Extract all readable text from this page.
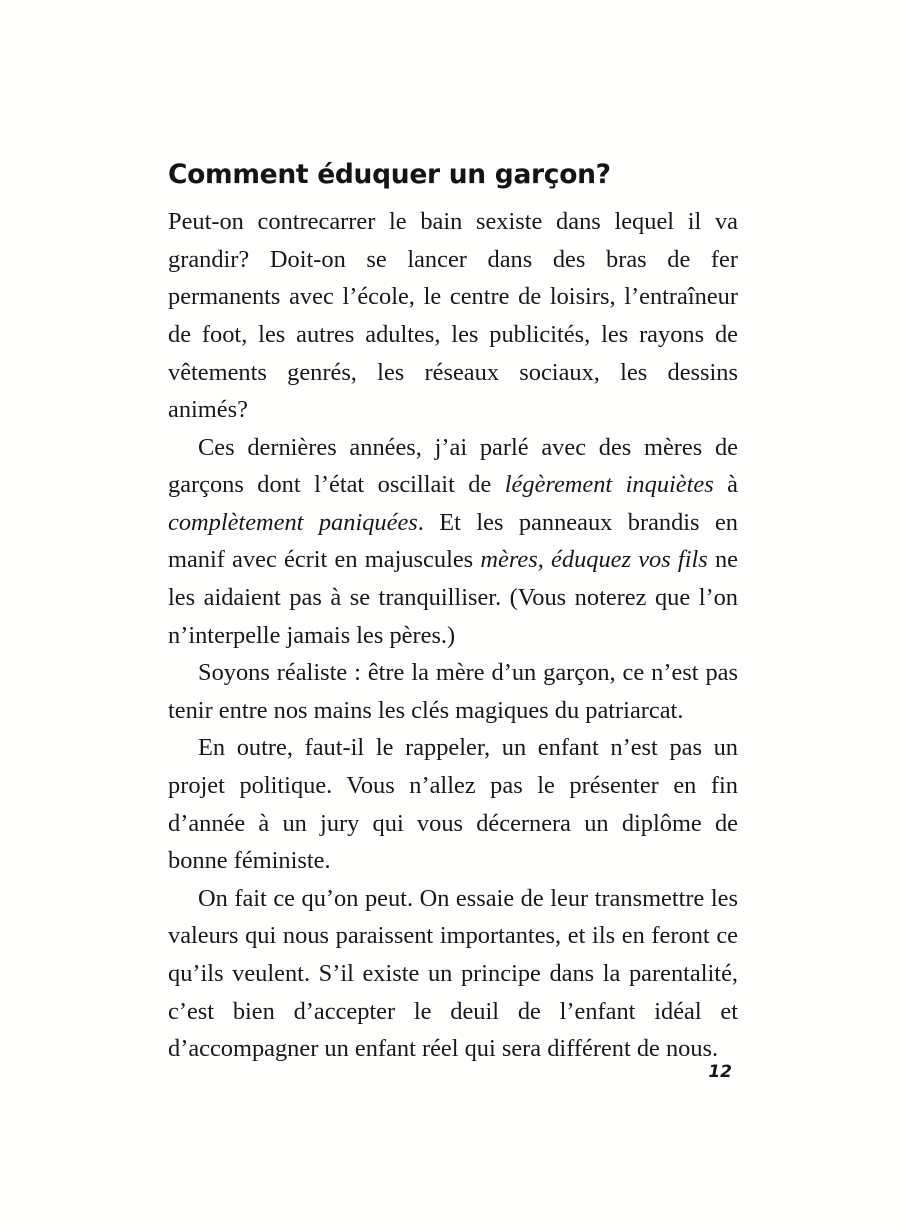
Comment éduquer un garçon?

Peut-on contrecarrer le bain sexiste dans lequel il va grandir? Doit-on se lancer dans des bras de fer permanents avec l’école, le centre de loisirs, l’entraîneur de foot, les autres adultes, les publicités, les rayons de vêtements genrés, les réseaux sociaux, les dessins animés?

Ces dernières années, j’ai parlé avec des mères de garçons dont l’état oscillait de légèrement inquiètes à complètement paniquées. Et les panneaux brandis en manif avec écrit en majuscules mères, éduquez vos fils ne les aidaient pas à se tranquilliser. (Vous noterez que l’on n’interpelle jamais les pères.)

Soyons réaliste : être la mère d’un garçon, ce n’est pas tenir entre nos mains les clés magiques du patriarcat.

En outre, faut-il le rappeler, un enfant n’est pas un projet politique. Vous n’allez pas le présenter en fin d’année à un jury qui vous décernera un diplôme de bonne féministe.

On fait ce qu’on peut. On essaie de leur transmettre les valeurs qui nous paraissent importantes, et ils en feront ce qu’ils veulent. S’il existe un principe dans la parentalité, c’est bien d’accepter le deuil de l’enfant idéal et d’accompagner un enfant réel qui sera différent de nous.

12
